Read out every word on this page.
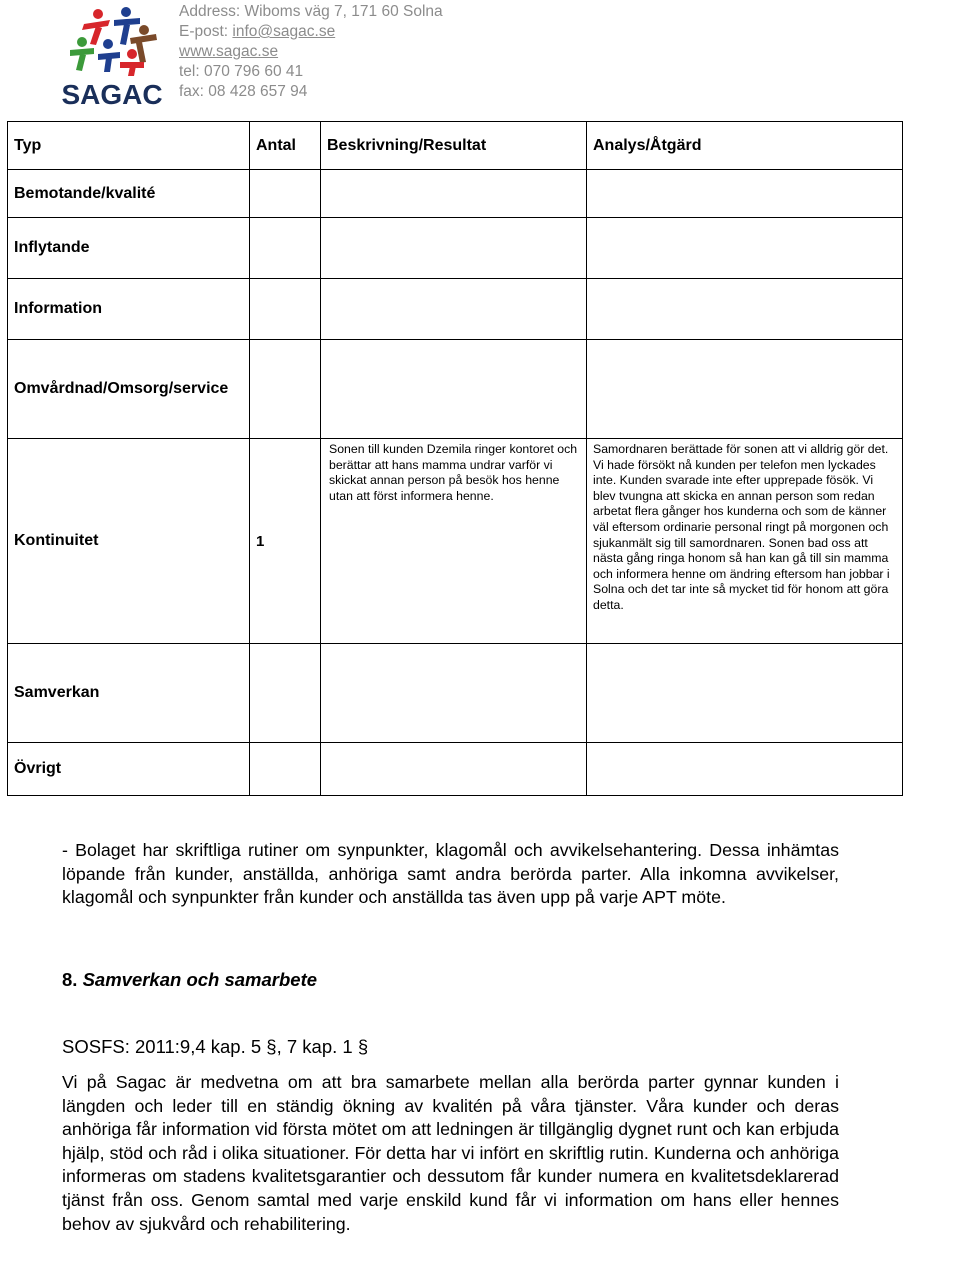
SAGAC
Address: Wiboms väg 7, 171 60 Solna
E-post: info@sagac.se
www.sagac.se
tel: 070 796 60 41
fax: 08 428 657 94
Typ	Antal	Beskrivning/Resultat	Analys/Åtgärd
Bemotande/kvalité			
Inflytande			
Information			
Omvårdnad/Omsorg/service			
Kontinuitet	1	Sonen till kunden Dzemila ringer kontoret och berättar att hans mamma undrar varför vi skickat annan person på besök hos henne utan att först informera henne.	Samordnaren berättade för sonen att vi alldrig gör det. Vi hade försökt nå kunden per telefon men lyckades inte. Kunden svarade inte efter upprepade fösök. Vi blev tvungna att skicka en annan person som redan arbetat flera gånger hos kunderna och som de känner väl eftersom ordinarie personal ringt på morgonen och sjukanmält sig till samordnaren. Sonen bad oss att nästa gång ringa honom så han kan gå till sin mamma och informera henne om ändring eftersom han jobbar i Solna och det tar inte så mycket tid för honom att göra detta.

Samverkan			
Övrigt			
- Bolaget har skriftliga rutiner om synpunkter, klagomål och avvikelsehantering. Dessa inhämtas löpande från kunder, anställda, anhöriga samt andra berörda parter. Alla inkomna avvikelser, klagomål och synpunkter från kunder och anställda tas även upp på varje APT möte.
8. Samverkan och samarbete
SOSFS: 2011:9,4 kap. 5 §, 7 kap. 1 §
Vi på Sagac är medvetna om att bra samarbete mellan alla berörda parter gynnar kunden i längden och leder till en ständig ökning av kvalitén på våra tjänster. Våra kunder och deras anhöriga får information vid första mötet om att ledningen är tillgänglig dygnet runt och kan erbjuda hjälp, stöd och råd i olika situationer. För detta har vi infört en skriftlig rutin. Kunderna och anhöriga informeras om stadens kvalitetsgarantier och dessutom får kunder numera en kvalitetsdeklarerad tjänst från oss. Genom samtal med varje enskild kund får vi information om hans eller hennes behov av sjukvård och rehabilitering.
